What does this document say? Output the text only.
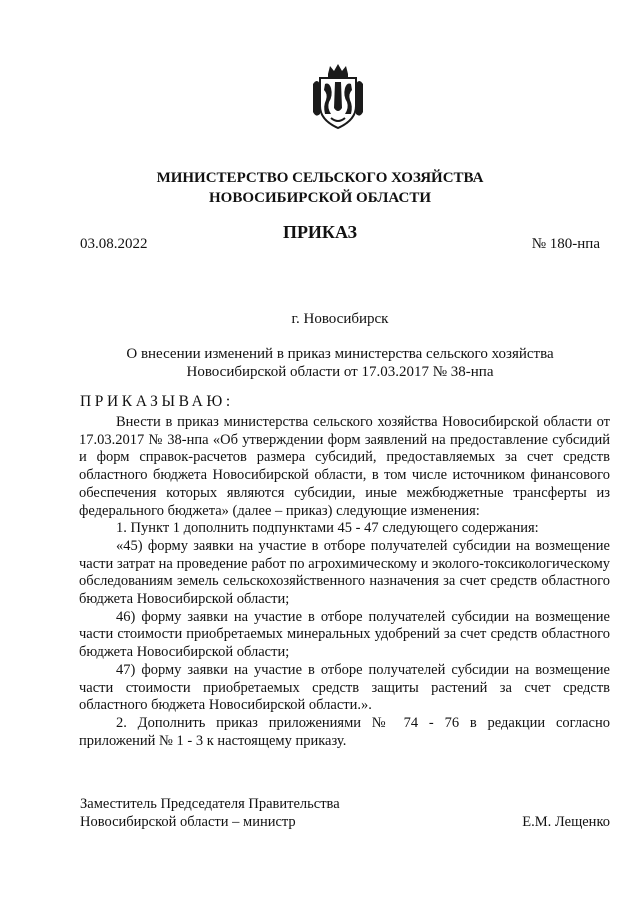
МИНИСТЕРСТВО СЕЛЬСКОГО ХОЗЯЙСТВА
НОВОСИБИРСКОЙ ОБЛАСТИ
ПРИКАЗ
03.08.2022	№ 180-нпа
г. Новосибирск
О внесении изменений в приказ министерства сельского хозяйства
Новосибирской области от 17.03.2017 № 38-нпа
ПРИКАЗЫВАЮ:

Внести в приказ министерства сельского хозяйства Новосибирской области от 17.03.2017 № 38-нпа «Об утверждении форм заявлений на предоставление субсидий и форм справок-расчетов размера субсидий, предоставляемых за счет средств областного бюджета Новосибирской области, в том числе источником финансового обеспечения которых являются субсидии, иные межбюджетные трансферты из федерального бюджета» (далее – приказ) следующие изменения:

1. Пункт 1 дополнить подпунктами 45 - 47 следующего содержания:

«45) форму заявки на участие в отборе получателей субсидии на возмещение части затрат на проведение работ по агрохимическому и эколого-токсикологическому обследованиям земель сельскохозяйственного назначения за счет средств областного бюджета Новосибирской области;

46) форму заявки на участие в отборе получателей субсидии на возмещение части стоимости приобретаемых минеральных удобрений за счет средств областного бюджета Новосибирской области;

47) форму заявки на участие в отборе получателей субсидии на возмещение части стоимости приобретаемых средств защиты растений за счет средств областного бюджета Новосибирской области.».

2. Дополнить приказ приложениями № 74 - 76 в редакции согласно приложений № 1 - 3 к настоящему приказу.

Заместитель Председателя Правительства
Новосибирской области – министр	Е.М. Лещенко
